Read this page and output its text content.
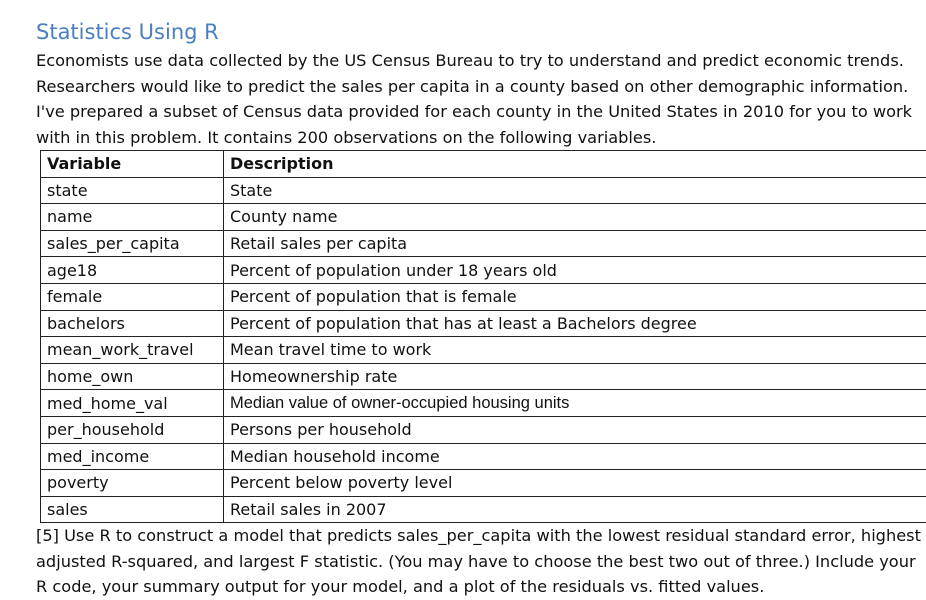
Statistics Using R

Economists use data collected by the US Census Bureau to try to understand and predict economic trends. Researchers would like to predict the sales per capita in a county based on other demographic information. I've prepared a subset of Census data provided for each county in the United States in 2010 for you to work with in this problem. It contains 200 observations on the following variables.

Variable	Description
state	State
name	County name
sales_per_capita	Retail sales per capita
age18	Percent of population under 18 years old
female	Percent of population that is female
bachelors	Percent of population that has at least a Bachelors degree
mean_work_travel	Mean travel time to work
home_own	Homeownership rate
med_home_val	Median value of owner-occupied housing units
per_household	Persons per household
med_income	Median household income
poverty	Percent below poverty level
sales	Retail sales in 2007

[5] Use R to construct a model that predicts sales_per_capita with the lowest residual standard error, highest adjusted R-squared, and largest F statistic. (You may have to choose the best two out of three.) Include your R code, your summary output for your model, and a plot of the residuals vs. fitted values.
